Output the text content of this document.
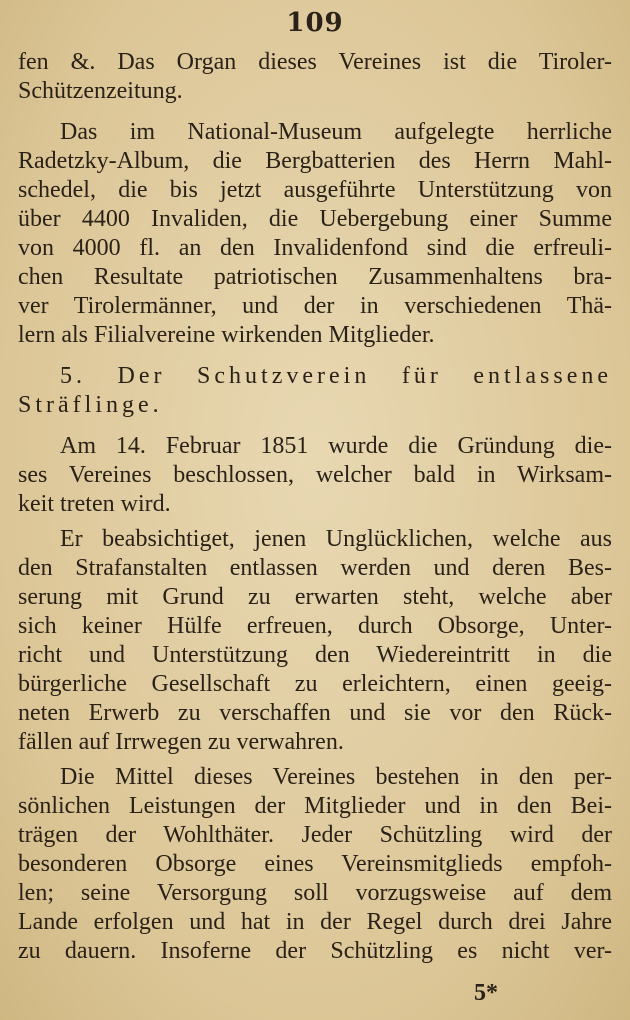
109
fen &. Das Organ dieses Vereines ist die Tiroler-
Schützenzeitung.
Das im National-Museum aufgelegte herrliche
Radetzky-Album, die Bergbatterien des Herrn Mahl-
schedel, die bis jetzt ausgeführte Unterstützung von
über 4400 Invaliden, die Uebergebung einer Summe
von 4000 fl. an den Invalidenfond sind die erfreuli-
chen Resultate patriotischen Zusammenhaltens bra-
ver Tirolermänner, und der in verschiedenen Thä-
lern als Filialvereine wirkenden Mitglieder.
5. Der Schutzverein für entlassene
Sträflinge.
Am 14. Februar 1851 wurde die Gründung die-
ses Vereines beschlossen, welcher bald in Wirksam-
keit treten wird.
Er beabsichtiget, jenen Unglücklichen, welche aus
den Strafanstalten entlassen werden und deren Bes-
serung mit Grund zu erwarten steht, welche aber
sich keiner Hülfe erfreuen, durch Obsorge, Unter-
richt und Unterstützung den Wiedereintritt in die
bürgerliche Gesellschaft zu erleichtern, einen geeig-
neten Erwerb zu verschaffen und sie vor den Rück-
fällen auf Irrwegen zu verwahren.
Die Mittel dieses Vereines bestehen in den per-
sönlichen Leistungen der Mitglieder und in den Bei-
trägen der Wohlthäter. Jeder Schützling wird der
besonderen Obsorge eines Vereinsmitglieds empfoh-
len; seine Versorgung soll vorzugsweise auf dem
Lande erfolgen und hat in der Regel durch drei Jahre
zu dauern. Insoferne der Schützling es nicht ver-
5*
